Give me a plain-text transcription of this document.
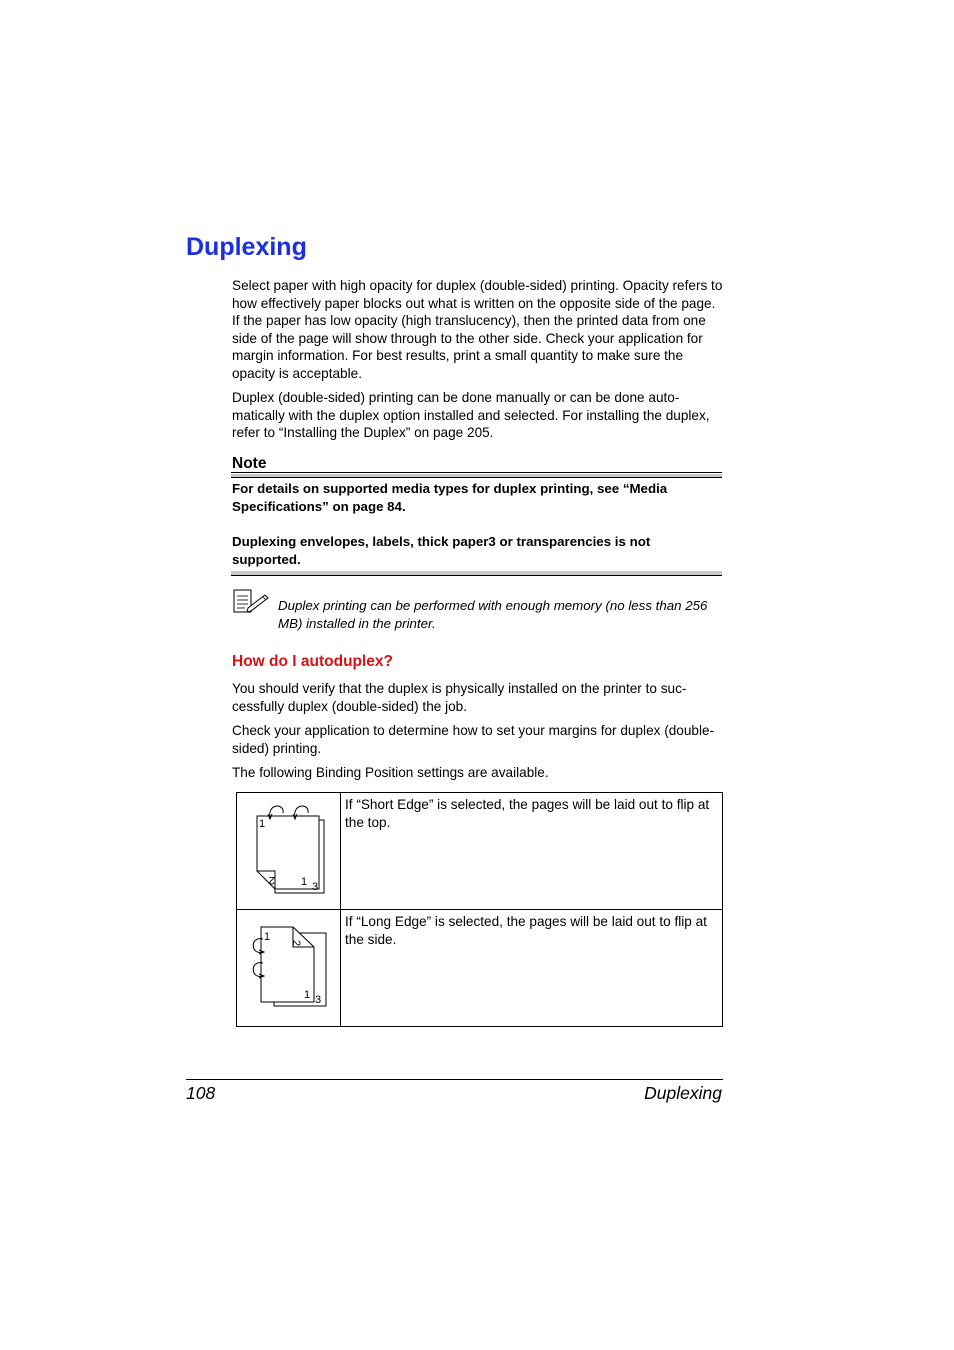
Duplexing

Select paper with high opacity for duplex (double-sided) printing. Opacity refers to how effectively paper blocks out what is written on the opposite side of the page. If the paper has low opacity (high translucency), then the printed data from one side of the page will show through to the other side. Check your application for margin information. For best results, print a small quantity to make sure the opacity is acceptable.

Duplex (double-sided) printing can be done manually or can be done auto-matically with the duplex option installed and selected. For installing the duplex, refer to “Installing the Duplex” on page 205.

Note

For details on supported media types for duplex printing, see “Media Specifications” on page 84.

Duplexing envelopes, labels, thick paper3 or transparencies is not supported.

Duplex printing can be performed with enough memory (no less than 256 MB) installed in the printer.

How do I autoduplex?

You should verify that the duplex is physically installed on the printer to suc-cessfully duplex (double-sided) the job.

Check your application to determine how to set your margins for duplex (double-sided) printing.

The following Binding Position settings are available.

1
2 1 3	If “Short Edge” is selected, the pages will be laid out to flip at the top.

1
2
1 3	If “Long Edge” is selected, the pages will be laid out to flip at the side.
108	Duplexing
